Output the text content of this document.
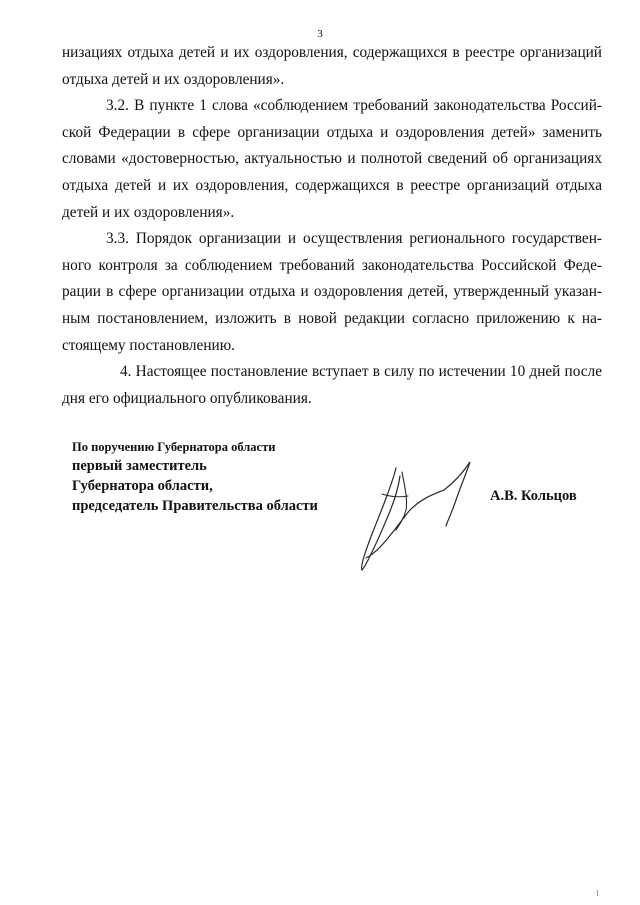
3
низациях отдыха детей и их оздоровления, содержащихся в реестре организаций
отдыха детей и их оздоровления».
3.2. В пункте 1 слова «соблюдением требований законодательства Россий-
ской Федерации в сфере организации отдыха и оздоровления детей» заменить
словами «достоверностью, актуальностью и полнотой сведений об организациях
отдыха детей и их оздоровления, содержащихся в реестре организаций отдыха
детей и их оздоровления».
3.3. Порядок организации и осуществления регионального государствен-
ного контроля за соблюдением требований законодательства Российской Феде-
рации в сфере организации отдыха и оздоровления детей, утвержденный указан-
ным постановлением, изложить в новой редакции согласно приложению к на-
стоящему постановлению.
4. Настоящее постановление вступает в силу по истечении 10 дней после
дня его официального опубликования.
По поручению Губернатора области
первый заместитель
Губернатора области,
председатель Правительства области
А.В. Кольцов
